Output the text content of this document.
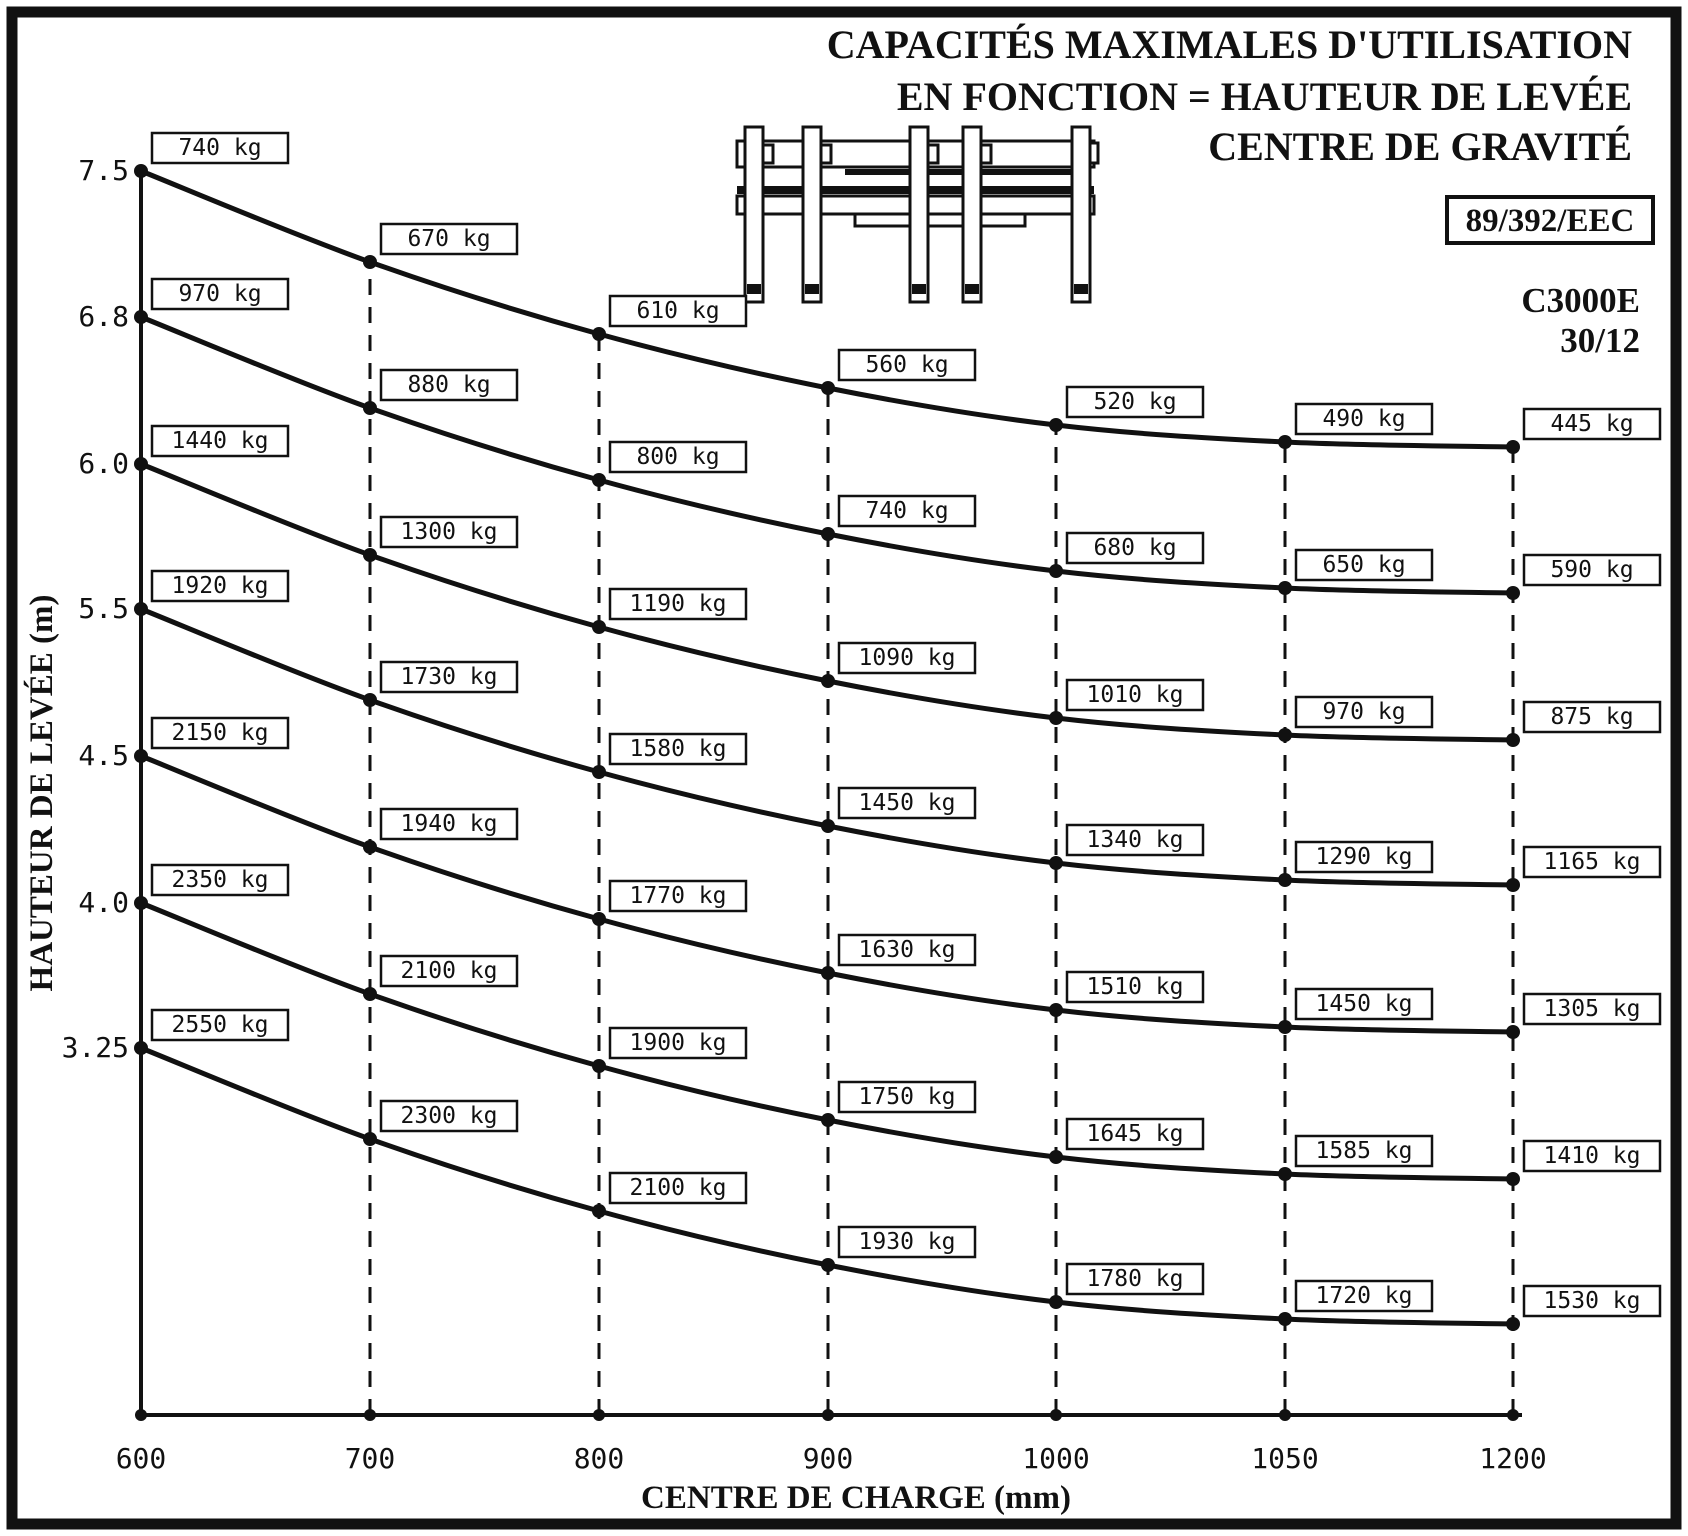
CAPACITÉS MAXIMALES D'UTILISATION
EN FONCTION = HAUTEUR DE LEVÉE
CENTRE DE GRAVITÉ
89/392/EEC
C3000E
30/12
CENTRE DE CHARGE (mm)
HAUTEUR DE LEVÉE (m)
740 kg
670 kg
610 kg
560 kg
520 kg
490 kg	445 kg
970 kg
880 kg
800 kg
740 kg
680 kg
650 kg	590 kg
1440 kg
1300 kg
1190 kg
1090 kg
1010 kg
970 kg	875 kg
1920 kg
1730 kg
1580 kg
1450 kg
1340 kg
1290 kg	1165 kg
2150 kg
1940 kg
1770 kg
1630 kg
1510 kg
1450 kg	1305 kg
2350 kg
2100 kg
1900 kg
1750 kg
1645 kg
1585 kg	1410 kg
2550 kg
2300 kg
2100 kg
1930 kg
1780 kg
1720 kg	1530 kg
600	700	800	900	1000	1050	1200
7.5
6.8
6.0
5.5
4.5
4.0
3.25
